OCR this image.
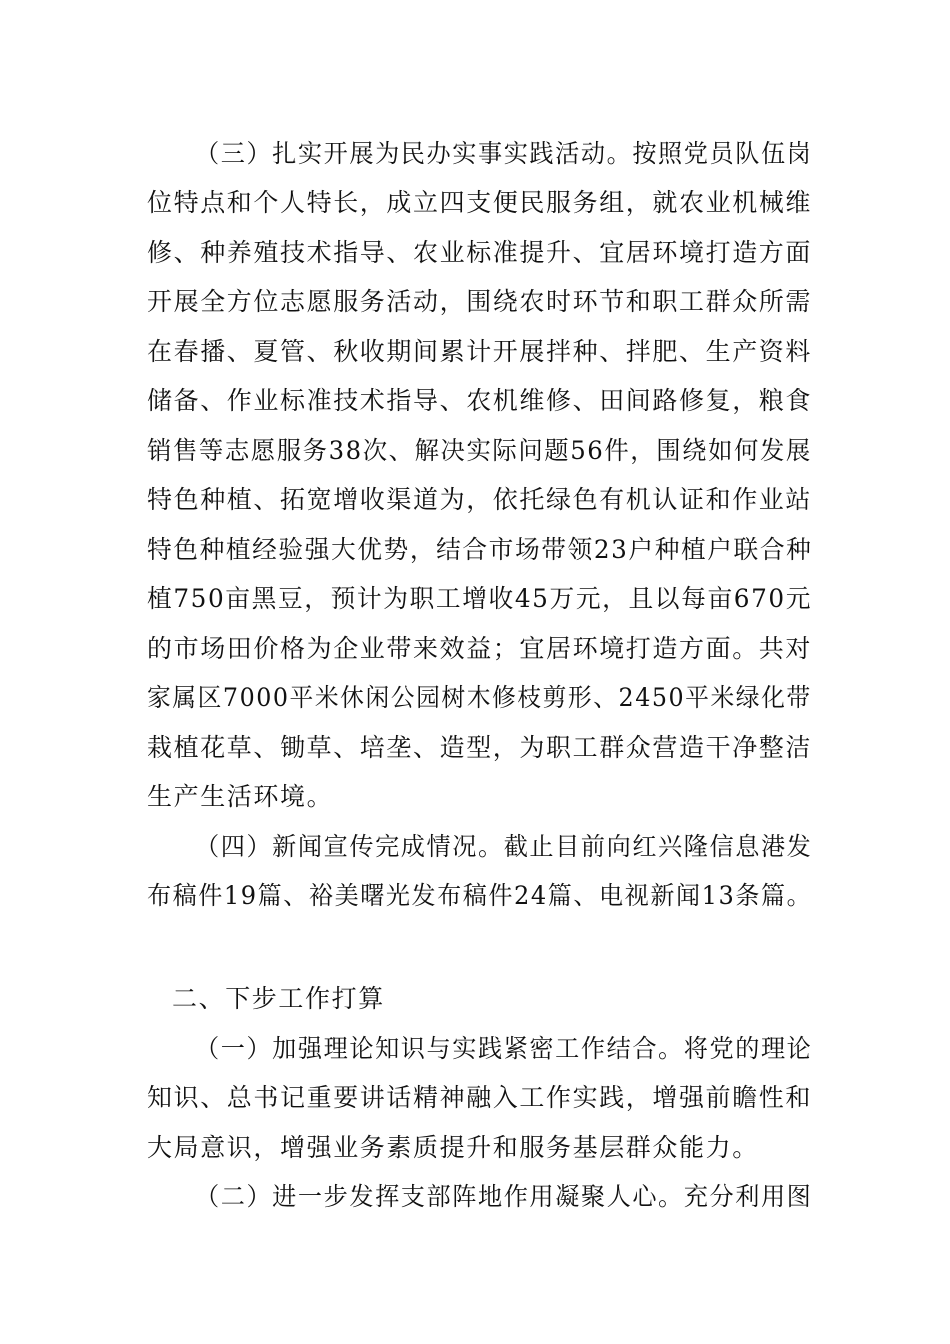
（三）扎实开展为民办实事实践活动。按照党员队伍岗

位特点和个人特长，成立四支便民服务组，就农业机械维

修、种养殖技术指导、农业标准提升、宜居环境打造方面

开展全方位志愿服务活动，围绕农时环节和职工群众所需

在春播、夏管、秋收期间累计开展拌种、拌肥、生产资料

储备、作业标准技术指导、农机维修、田间路修复，粮食

销售等志愿服务38次、解决实际问题56件，围绕如何发展

特色种植、拓宽增收渠道为，依托绿色有机认证和作业站

特色种植经验强大优势，结合市场带领23户种植户联合种

植750亩黑豆，预计为职工增收45万元，且以每亩670元

的市场田价格为企业带来效益；宜居环境打造方面。共对

家属区7000平米休闲公园树木修枝剪形、2450平米绿化带

栽植花草、锄草、培垄、造型，为职工群众营造干净整洁

生产生活环境。

（四）新闻宣传完成情况。截止目前向红兴隆信息港发

布稿件19篇、裕美曙光发布稿件24篇、电视新闻13条篇。

二、下步工作打算

（一）加强理论知识与实践紧密工作结合。将党的理论

知识、总书记重要讲话精神融入工作实践，增强前瞻性和

大局意识，增强业务素质提升和服务基层群众能力。

（二）进一步发挥支部阵地作用凝聚人心。充分利用图
